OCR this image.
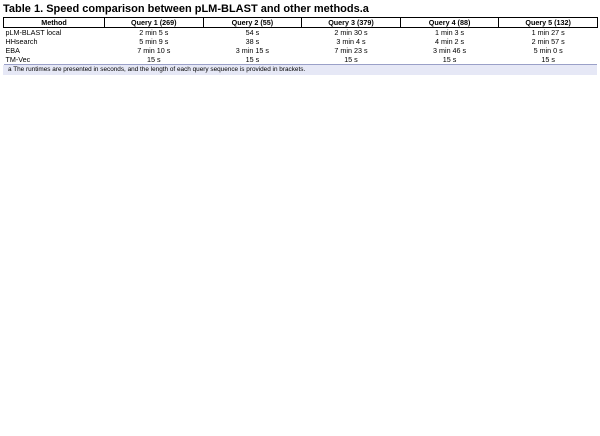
Table 1. Speed comparison between pLM-BLAST and other methods.a
Method	Query 1 (269)	Query 2 (55)	Query 3 (379)	Query 4 (88)	Query 5 (132)
pLM-BLAST local	2 min 5 s	54 s	2 min 30 s	1 min 3 s	1 min 27 s
HHsearch	5 min 9 s	38 s	3 min 4 s	4 min 2 s	2 min 57 s
EBA	7 min 10 s	3 min 15 s	7 min 23 s	3 min 46 s	5 min 0 s
TM-Vec	15 s	15 s	15 s	15 s	15 s
a The runtimes are presented in seconds, and the length of each query sequence is provided in brackets.
